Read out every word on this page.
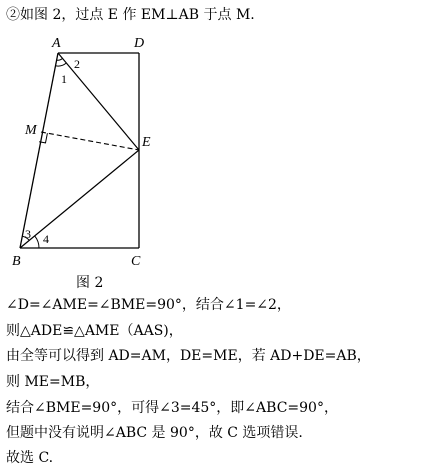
②如图 2，过点 E 作 EM⊥AB 于点 M.
A	D
M
E
B	C
1
2
3 4
图 2
∠D=∠AME=∠BME=90°，结合∠1=∠2，
则△ADE≌△AME（AAS)，
由全等可以得到 AD=AM，DE=ME，若 AD+DE=AB，
则 ME=MB，
结合∠BME=90°，可得∠3=45°，即∠ABC=90°，
但题中没有说明∠ABC 是 90°，故 C 选项错误.
故选 C.
